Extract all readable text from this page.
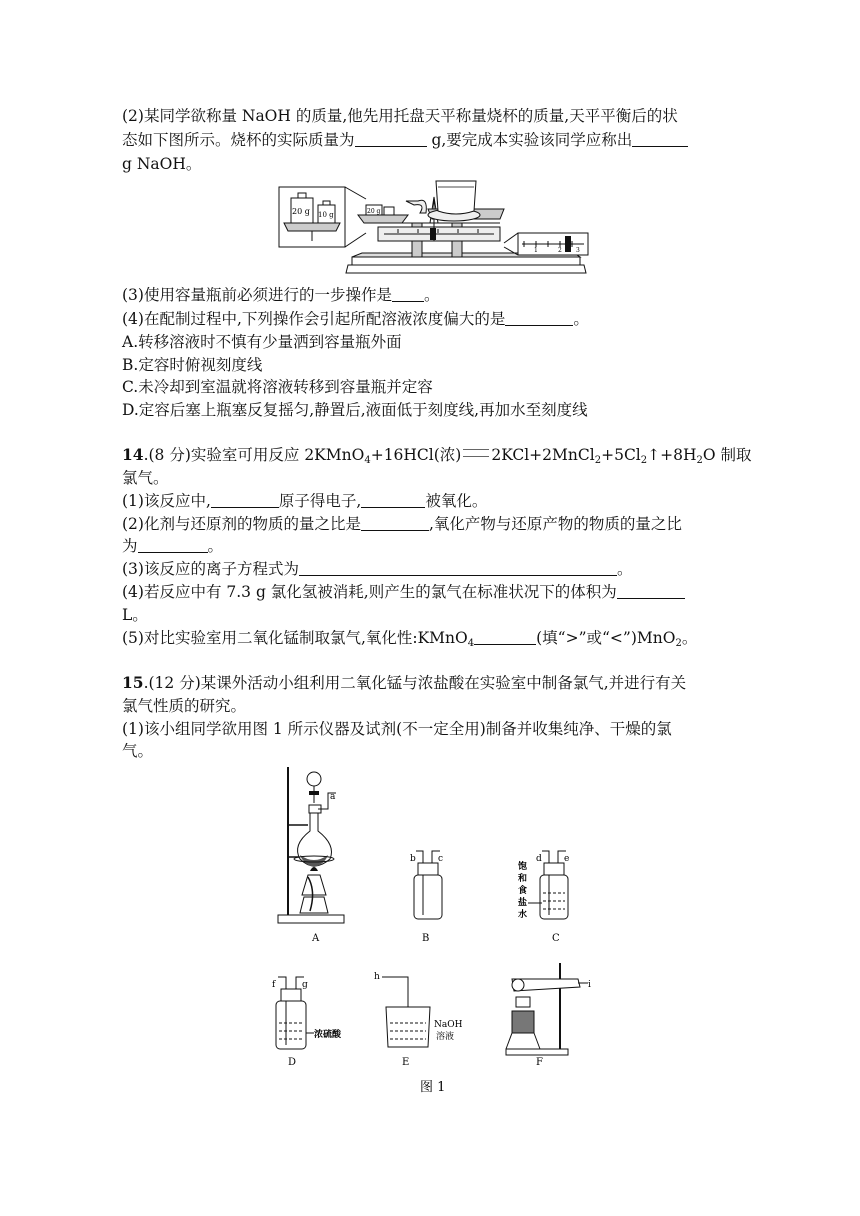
(2)某同学欲称量 NaOH 的质量,他先用托盘天平称量烧杯的质量,天平平衡后的状
态如下图所示。烧杯的实际质量为	g,要完成本实验该同学应称出
g NaOH。
20 g 10 g	20 g
1	2 3
(3)使用容量瓶前必须进行的一步操作是 。
(4)在配制过程中,下列操作会引起所配溶液浓度偏大的是	。
A.转移溶液时不慎有少量洒到容量瓶外面
B.定容时俯视刻度线
C.未冷却到室温就将溶液转移到容量瓶并定容
D.定容后塞上瓶塞反复摇匀,静置后,液面低于刻度线,再加水至刻度线
14.(8 分)实验室可用反应 2KMnO$_4$+16HCl(浓) $2KCl+2MnCl_2+5Cl_2↑+8H_2O$ 制取
氯气。
(1)该反应中,	原子得电子,	被氧化。
(2)化剂与还原剂的物质的量之比是	,氧化产物与还原产物的物质的量之比
为	。
(3)该反应的离子方程式为	。
(4)若反应中有 7.3 g 氯化氢被消耗,则产生的氯气在标准状况下的体积为
L。
(5)对比实验室用二氧化锰制取氯气,氧化性:KMnO$_4$	(填“>”或“<”)MnO$_2$。
15.(12 分)某课外活动小组利用二氧化锰与浓盐酸在实验室中制备氯气,并进行有关
氯气性质的研究。
(1)该小组同学欲用图 1 所示仪器及试剂(不一定全用)制备并收集纯净、干燥的氯
气。
a
A
b c
B
d e
饱
和
食
盐
水
C
f	g
浓硫酸
D
h
NaOH
溶液
E
i
F
图 1
